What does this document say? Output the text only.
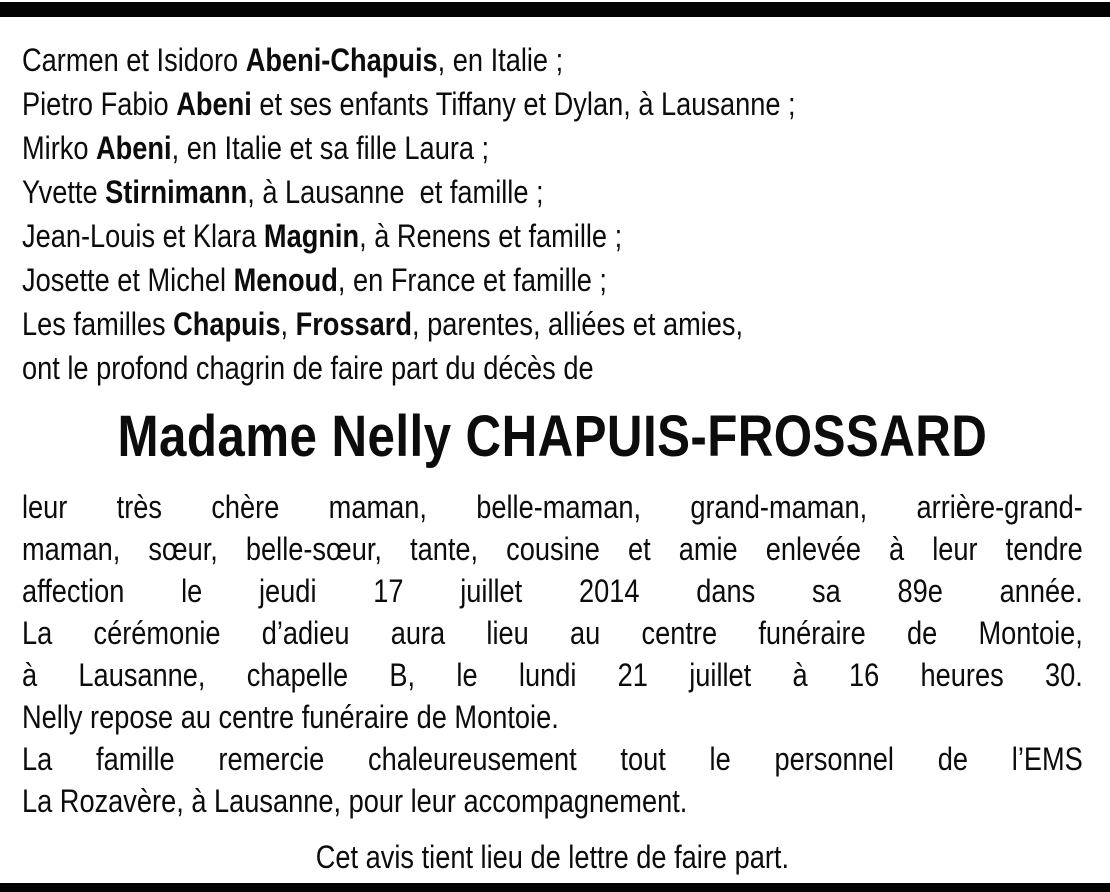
Carmen et Isidoro Abeni-Chapuis, en Italie ;
Pietro Fabio Abeni et ses enfants Tiffany et Dylan, à Lausanne ;
Mirko Abeni, en Italie et sa fille Laura ;
Yvette Stirnimann, à Lausanne  et famille ;
Jean-Louis et Klara Magnin, à Renens et famille ;
Josette et Michel Menoud, en France et famille ;
Les familles Chapuis, Frossard, parentes, alliées et amies,
ont le profond chagrin de faire part du décès de
Madame Nelly CHAPUIS-FROSSARD
leur très chère maman, belle-maman, grand-maman, arrière-grand-
maman, sœur, belle-sœur, tante, cousine et amie enlevée à leur tendre
affection le jeudi 17 juillet 2014 dans sa 89e année.
La cérémonie d’adieu aura lieu au centre funéraire de Montoie,
à Lausanne, chapelle B, le lundi 21 juillet à 16 heures 30.
Nelly repose au centre funéraire de Montoie.
La famille remercie chaleureusement tout le personnel de l’EMS
La Rozavère, à Lausanne, pour leur accompagnement.
Cet avis tient lieu de lettre de faire part.
